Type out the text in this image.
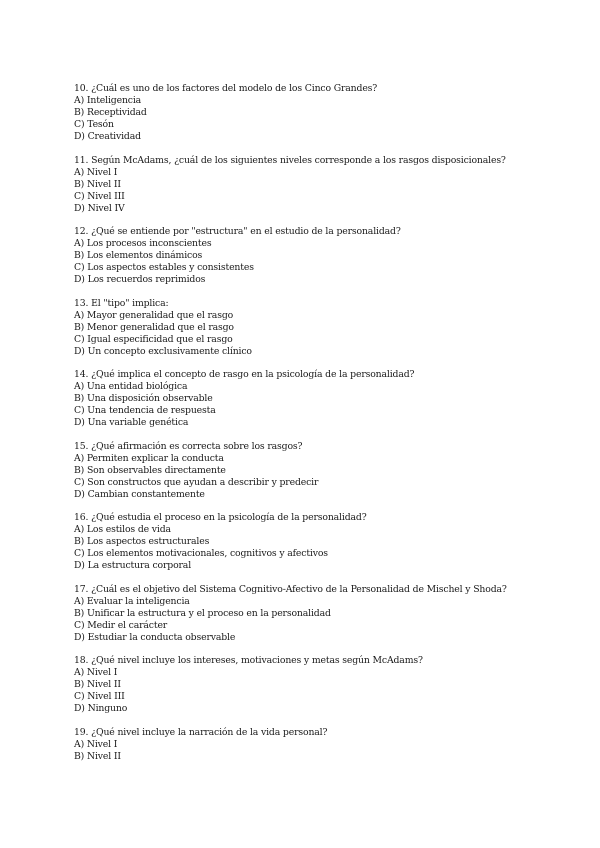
10. ¿Cuál es uno de los factores del modelo de los Cinco Grandes?
A) Inteligencia
B) Receptividad
C) Tesón
D) Creatividad
11. Según McAdams, ¿cuál de los siguientes niveles corresponde a los rasgos disposicionales?
A) Nivel I
B) Nivel II
C) Nivel III
D) Nivel IV
12. ¿Qué se entiende por "estructura" en el estudio de la personalidad?
A) Los procesos inconscientes
B) Los elementos dinámicos
C) Los aspectos estables y consistentes
D) Los recuerdos reprimidos
13. El "tipo" implica:
A) Mayor generalidad que el rasgo
B) Menor generalidad que el rasgo
C) Igual especificidad que el rasgo
D) Un concepto exclusivamente clínico
14. ¿Qué implica el concepto de rasgo en la psicología de la personalidad?
A) Una entidad biológica
B) Una disposición observable
C) Una tendencia de respuesta
D) Una variable genética
15. ¿Qué afirmación es correcta sobre los rasgos?
A) Permiten explicar la conducta
B) Son observables directamente
C) Son constructos que ayudan a describir y predecir
D) Cambian constantemente
16. ¿Qué estudia el proceso en la psicología de la personalidad?
A) Los estilos de vida
B) Los aspectos estructurales
C) Los elementos motivacionales, cognitivos y afectivos
D) La estructura corporal
17. ¿Cuál es el objetivo del Sistema Cognitivo-Afectivo de la Personalidad de Mischel y Shoda?
A) Evaluar la inteligencia
B) Unificar la estructura y el proceso en la personalidad
C) Medir el carácter
D) Estudiar la conducta observable
18. ¿Qué nivel incluye los intereses, motivaciones y metas según McAdams?
A) Nivel I
B) Nivel II
C) Nivel III
D) Ninguno
19. ¿Qué nivel incluye la narración de la vida personal?
A) Nivel I
B) Nivel II
